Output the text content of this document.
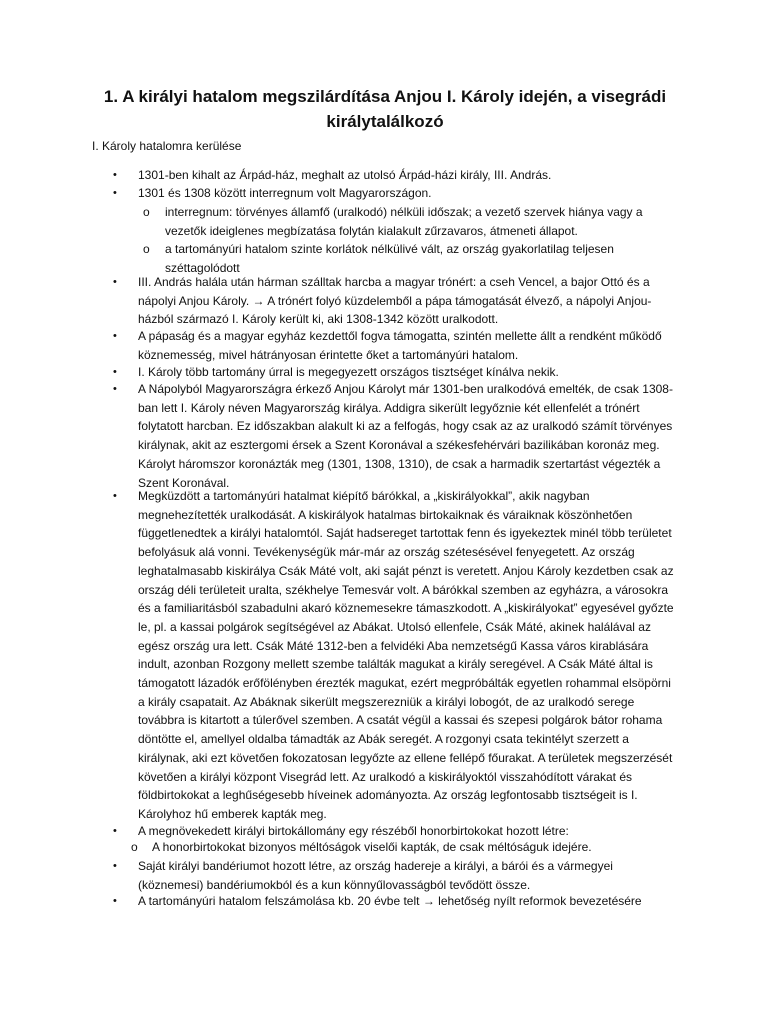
1. A királyi hatalom megszilárdítása Anjou I. Károly idején, a visegrádi királytalálkozó

I. Károly hatalomra kerülése

• 1301-ben kihalt az Árpád-ház, meghalt az utolsó Árpád-házi király, III. András.
• 1301 és 1308 között interregnum volt Magyarországon.
o interregnum: törvényes államfő (uralkodó) nélküli időszak; a vezető szervek hiánya vagy a vezetők ideiglenes megbízatása folytán kialakult zűrzavaros, átmeneti állapot.
o a tartományúri hatalom szinte korlátok nélkülivé vált, az ország gyakorlatilag teljesen széttagolódott
• III. András halála után hárman szálltak harcba a magyar trónért: a cseh Vencel, a bajor Ottó és a nápolyi Anjou Károly. → A trónért folyó küzdelemből a pápa támogatását élvező, a nápolyi Anjou-házból származó I. Károly került ki, aki 1308-1342 között uralkodott.
• A pápaság és a magyar egyház kezdettől fogva támogatta, szintén mellette állt a rendként működő köznemesség, mivel hátrányosan érintette őket a tartományúri hatalom.
• I. Károly több tartomány úrral is megegyezett országos tisztséget kínálva nekik.
• A Nápolyból Magyarországra érkező Anjou Károlyt már 1301-ben uralkodóvá emelték, de csak 1308-ban lett I. Károly néven Magyarország királya. Addigra sikerült legyőznie két ellenfelét a trónért folytatott harcban. Ez időszakban alakult ki az a felfogás, hogy csak az az uralkodó számít törvényes királynak, akit az esztergomi érsek a Szent Koronával a székesfehérvári bazilikában koronáz meg. Károlyt háromszor koronázták meg (1301, 1308, 1310), de csak a harmadik szertartást végezték a Szent Koronával.
• Megküzdött a tartományúri hatalmat kiépítő bárókkal, a „kiskirályokkal”, akik nagyban megnehezítették uralkodását. A kiskirályok hatalmas birtokaiknak és váraiknak köszönhetően függetlenedtek a királyi hatalomtól. Saját hadsereget tartottak fenn és igyekeztek minél több területet befolyásuk alá vonni. Tevékenységük már-már az ország szétesésével fenyegetett. Az ország leghatalmasabb kiskirálya Csák Máté volt, aki saját pénzt is veretett. Anjou Károly kezdetben csak az ország déli területeit uralta, székhelye Temesvár volt. A bárókkal szemben az egyházra, a városokra és a familiaritásból szabadulni akaró köznemesekre támaszkodott. A „kiskirályokat” egyesével győzte le, pl. a kassai polgárok segítségével az Abákat. Utolsó ellenfele, Csák Máté, akinek halálával az egész ország ura lett. Csák Máté 1312-ben a felvidéki Aba nemzetségű Kassa város kirablására indult, azonban Rozgony mellett szembe találták magukat a király seregével. A Csák Máté által is támogatott lázadók erőfölényben érezték magukat, ezért megpróbálták egyetlen rohammal elsöpörni a király csapatait. Az Abáknak sikerült megszerezniük a királyi lobogót, de az uralkodó serege továbbra is kitartott a túlerővel szemben. A csatát végül a kassai és szepesi polgárok bátor rohama döntötte el, amellyel oldalba támadták az Abák seregét. A rozgonyi csata tekintélyt szerzett a királynak, aki ezt követően fokozatosan legyőzte az ellene fellépő főurakat. A területek megszerzését követően a királyi központ Visegrád lett. Az uralkodó a kiskirályoktól visszahódított várakat és földbirtokokat a leghűségesebb híveinek adományozta. Az ország legfontosabb tisztségeit is I. Károlyhoz hű emberek kapták meg.
• A megnövekedett királyi birtokállomány egy részéből honorbirtokokat hozott létre:
o A honorbirtokokat bizonyos méltóságok viselői kapták, de csak méltóságuk idejére.
• Saját királyi bandériumot hozott létre, az ország hadereje a királyi, a bárói és a vármegyei (köznemesi) bandériumokból és a kun könnyűlovasságból tevődött össze.
• A tartományúri hatalom felszámolása kb. 20 évbe telt → lehetőség nyílt reformok bevezetésére
